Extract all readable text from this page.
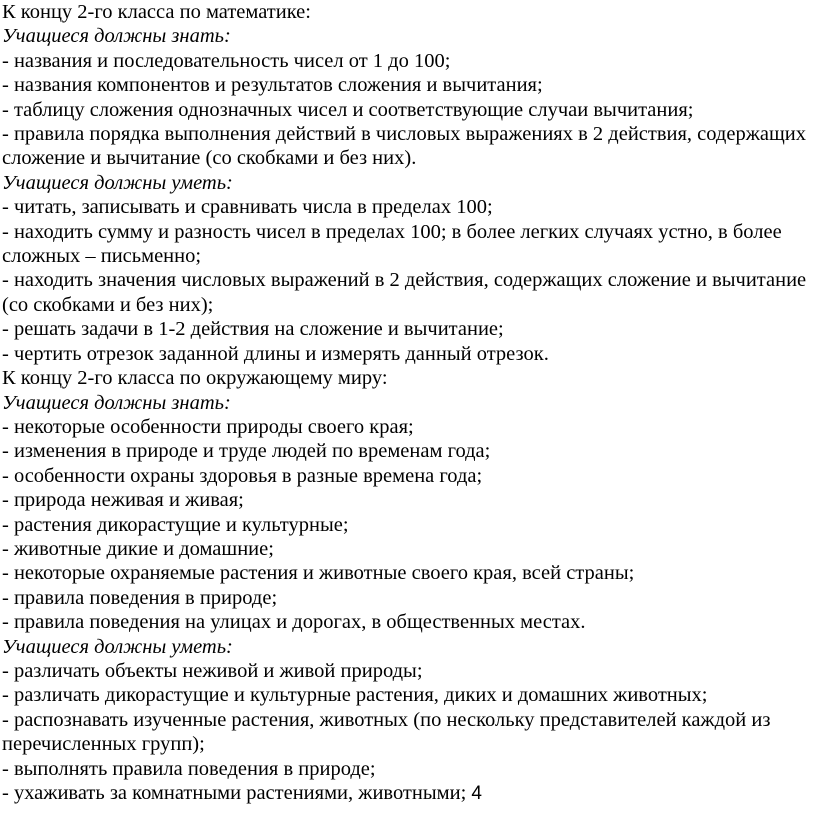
К концу 2-го класса по математике:

Учащиеся должны знать:

- названия и последовательность чисел от 1 до 100;

- названия компонентов и результатов сложения и вычитания;

- таблицу сложения однозначных чисел и соответствующие случаи вычитания;

- правила порядка выполнения действий в числовых выражениях в 2 действия, содержащих сложение и вычитание (со скобками и без них).

Учащиеся должны уметь:

- читать, записывать и сравнивать числа в пределах 100;

- находить сумму и разность чисел в пределах 100; в более легких случаях устно, в более сложных – письменно;

- находить значения числовых выражений в 2 действия, содержащих сложение и вычитание (со скобками и без них);

- решать задачи в 1-2 действия на сложение и вычитание;

- чертить отрезок заданной длины и измерять данный отрезок.

К концу 2-го класса по окружающему миру:

Учащиеся должны знать:

- некоторые особенности природы своего края;

- изменения в природе и труде людей по временам года;

- особенности охраны здоровья в разные времена года;

- природа неживая и живая;

- растения дикорастущие и культурные;

- животные дикие и домашние;

- некоторые охраняемые растения и животные своего края, всей страны;

- правила поведения в природе;

- правила поведения на улицах и дорогах, в общественных местах.

Учащиеся должны уметь:

- различать объекты неживой и живой природы;

- различать дикорастущие и культурные растения, диких и домашних животных;

- распознавать изученные растения, животных (по нескольку представителей каждой из перечисленных групп);

- выполнять правила поведения в природе;

- ухаживать за комнатными растениями, животными; 4
